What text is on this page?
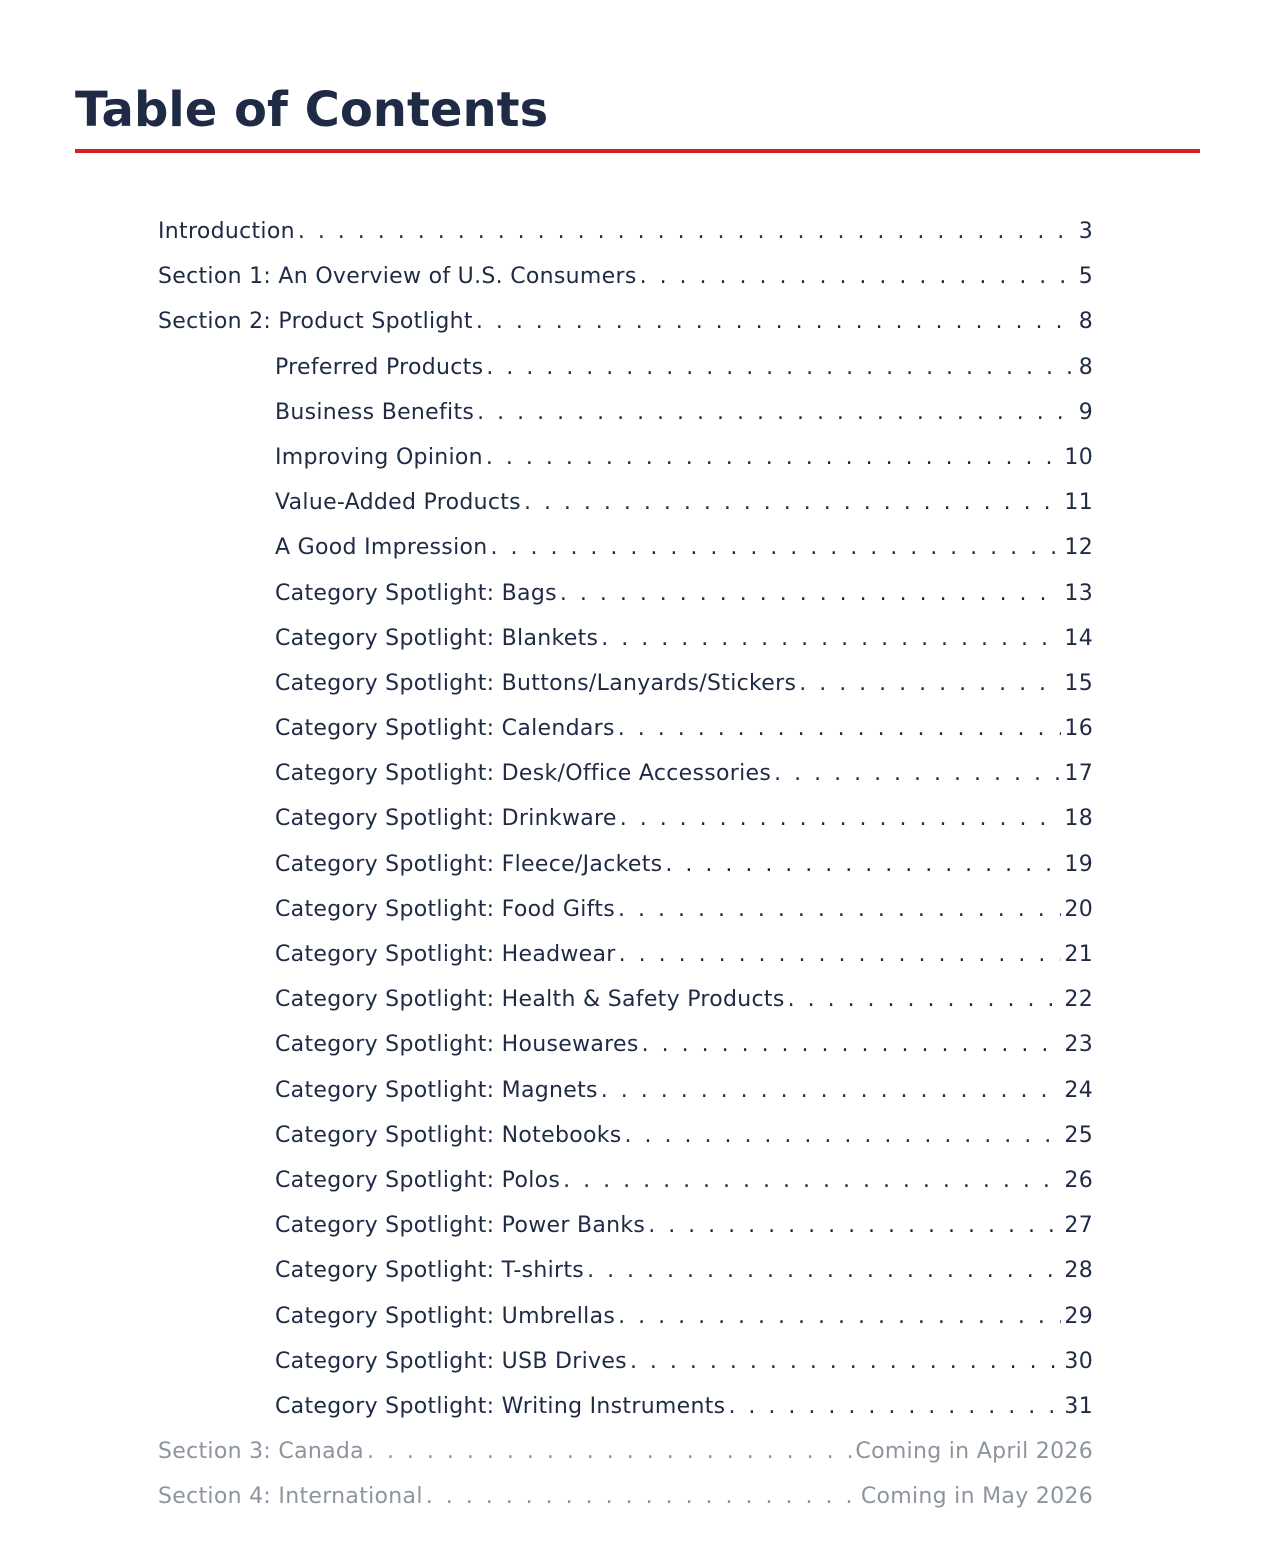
Table of Contents
Introduction . . .	3
Section 1: An Overview of U.S. Consumers . . .	5
Section 2: Product Spotlight . . .	8
Preferred Products . . .	8
Business Benefits . . .	9
Improving Opinion . . .	10
Value-Added Products . . .	11
A Good Impression . . .	12
Category Spotlight: Bags . . .	13
Category Spotlight: Blankets . . .	14
Category Spotlight: Buttons/Lanyards/Stickers . . .	15
Category Spotlight: Calendars . . .	16
Category Spotlight: Desk/Office Accessories . . .	17
Category Spotlight: Drinkware . . .	18
Category Spotlight: Fleece/Jackets . . .	19
Category Spotlight: Food Gifts . . .	20
Category Spotlight: Headwear . . .	21
Category Spotlight: Health & Safety Products . . .	22
Category Spotlight: Housewares . . .	23
Category Spotlight: Magnets . . .	24
Category Spotlight: Notebooks . . .	25
Category Spotlight: Polos . . .	26
Category Spotlight: Power Banks . . .	27
Category Spotlight: T-shirts . . .	28
Category Spotlight: Umbrellas . . .	29
Category Spotlight: USB Drives . . .	30
Category Spotlight: Writing Instruments . . .	31
Section 3: Canada . . .	Coming in April 2026
Section 4: International . . .	Coming in May 2026
